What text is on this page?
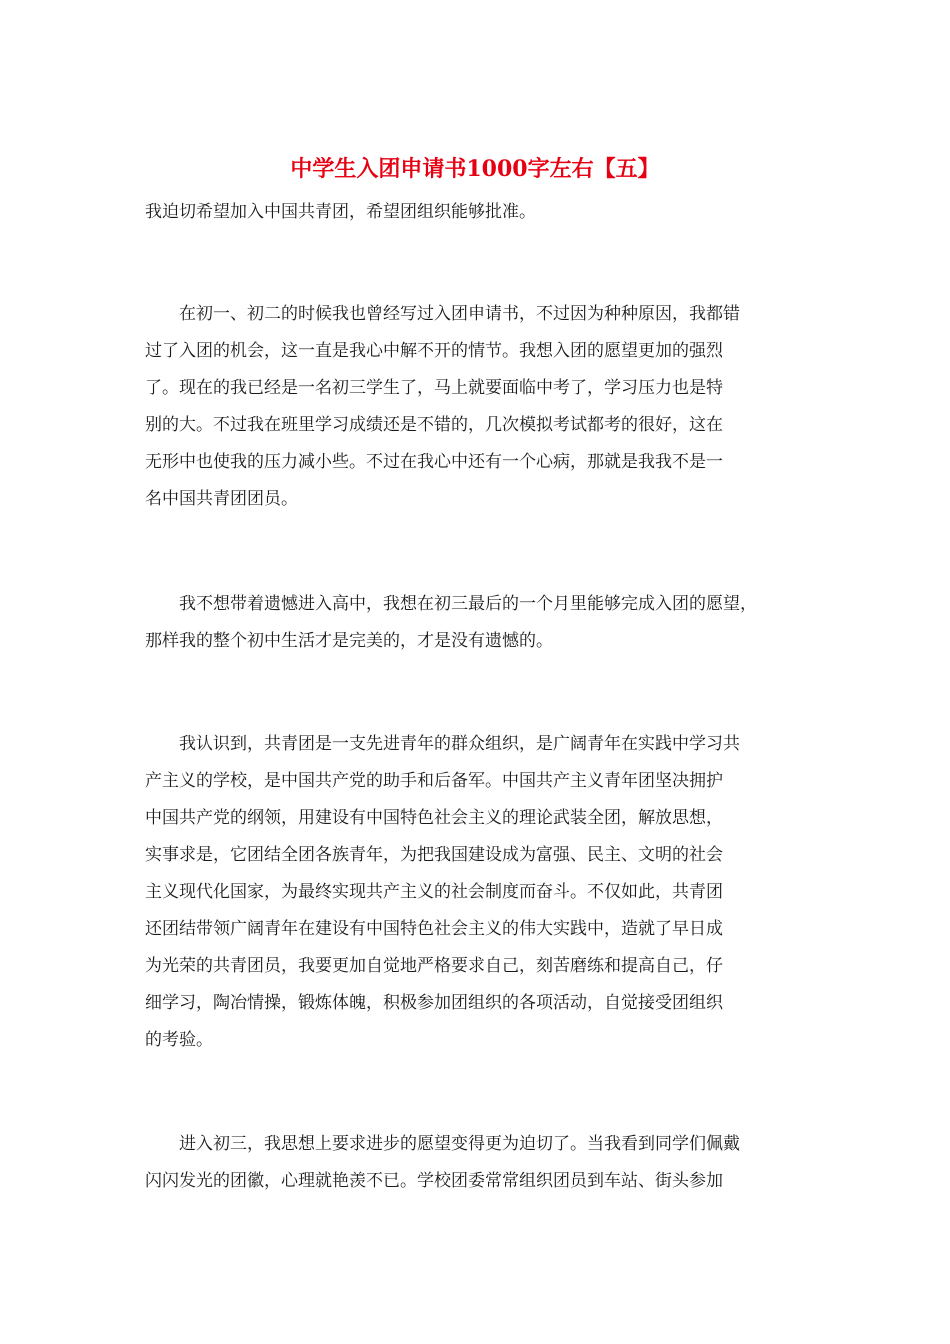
中学生入团申请书1000字左右【五】
我迫切希望加入中国共青团，希望团组织能够批准。
在初一、初二的时候我也曾经写过入团申请书，不过因为种种原因，我都错
过了入团的机会，这一直是我心中解不开的情节。我想入团的愿望更加的强烈
了。现在的我已经是一名初三学生了，马上就要面临中考了，学习压力也是特
别的大。不过我在班里学习成绩还是不错的，几次模拟考试都考的很好，这在
无形中也使我的压力减小些。不过在我心中还有一个心病，那就是我我不是一
名中国共青团团员。
我不想带着遗憾进入高中，我想在初三最后的一个月里能够完成入团的愿望，
那样我的整个初中生活才是完美的，才是没有遗憾的。
我认识到，共青团是一支先进青年的群众组织，是广阔青年在实践中学习共
产主义的学校，是中国共产党的助手和后备军。中国共产主义青年团坚决拥护
中国共产党的纲领，用建设有中国特色社会主义的理论武装全团，解放思想，
实事求是，它团结全团各族青年，为把我国建设成为富强、民主、文明的社会
主义现代化国家，为最终实现共产主义的社会制度而奋斗。不仅如此，共青团
还团结带领广阔青年在建设有中国特色社会主义的伟大实践中，造就了早日成
为光荣的共青团员，我要更加自觉地严格要求自己，刻苦磨练和提高自己，仔
细学习，陶冶情操，锻炼体魄，积极参加团组织的各项活动，自觉接受团组织
的考验。
进入初三，我思想上要求进步的愿望变得更为迫切了。当我看到同学们佩戴
闪闪发光的团徽，心理就艳羡不已。学校团委常常组织团员到车站、街头参加
